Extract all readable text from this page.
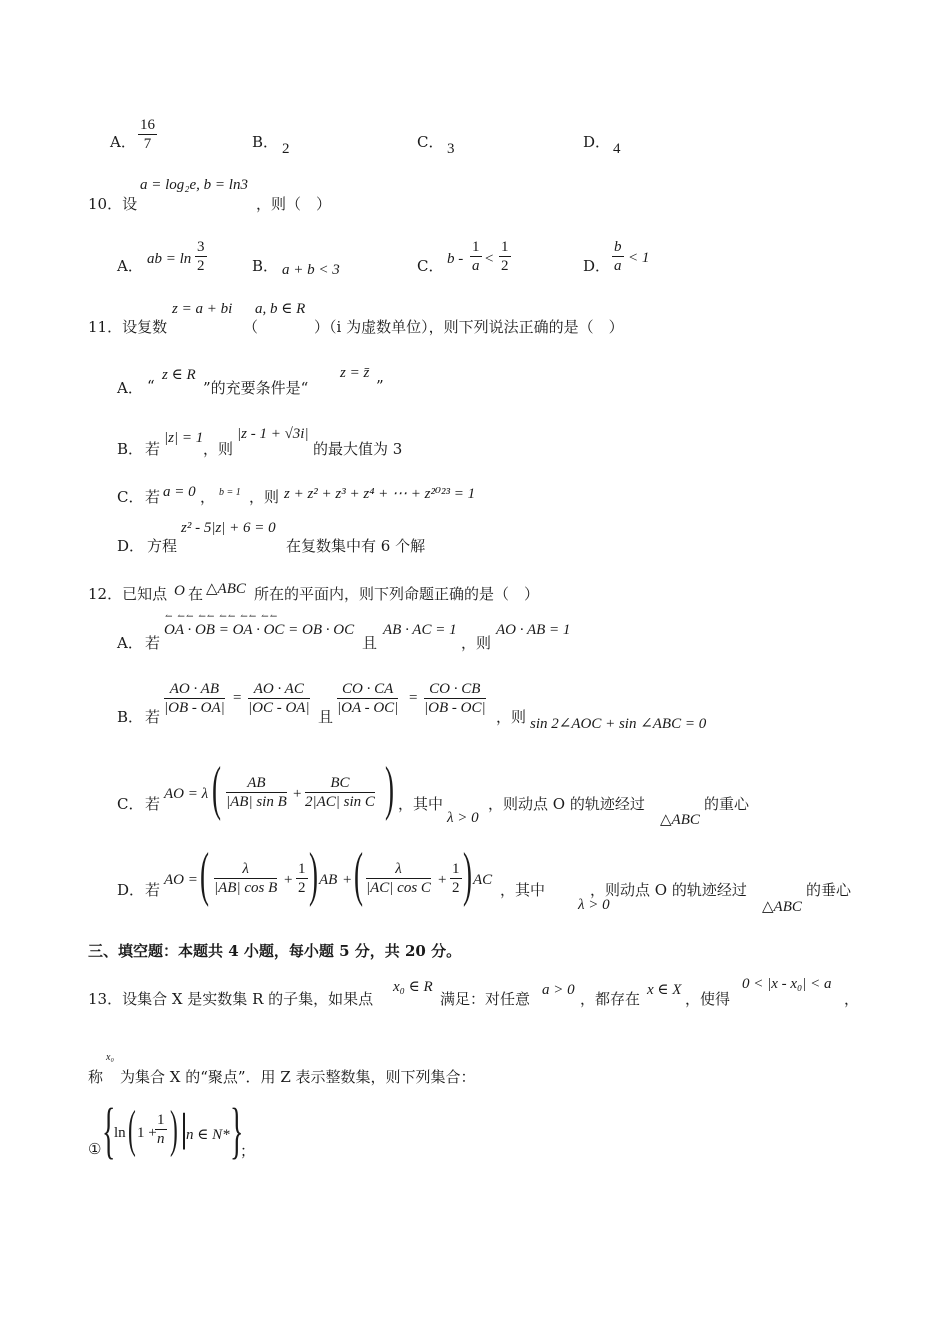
A． $\frac{16}{7}$	B． 2	C． 3	D． 4
10．设
a = log₂e, b = ln3
，则（　）
A． ab = $\ln \frac{3}{2}$	B． a + b < 3	C． $b - \frac{1}{a} < \frac{1}{2}$	D． $\frac{b}{a} < 1$
11．设复数
z = a + bi a, b ∈ R
（	）（i 为虚数单位），则下列说法正确的是（　）
A． “
z ∈ R
”的充要条件是“
z = z̄
”
B． 若
|z| = 1
，则
|z - 1 + √3i|
的最大值为 3
C． 若 a = 0 ， b = 1 ，则 z + z² + z³ + z⁴ + ⋯ + z²⁰²³ = 1
D． 方程
z² - 5|z| + 6 = 0
在复数集中有 6 个解
12．已知点 O 在 △ABC 所在的平面内，则下列命题正确的是（　）
A． 若
↼ ↼↼ ↼↼ ↼↼ ↼↼ ↼↼
OA · OB = OA · OC = OB · OC
且
AB · AC = 1
，则
AO · AB = 1
B． 若 $\frac{AO \cdot AB}{|OB - OA|} = \frac{AO \cdot AC}{|OC - OA|}$ 且 $\frac{CO \cdot CA}{|OA - OC|} = \frac{CO \cdot CB}{|OB - OC|}$ ，则 sin 2∠AOC + sin ∠ABC = 0
C． 若
AO = λ ( $\frac{AB}{\text{|AB| sin B}} + \frac{BC}{\text{2|AC| sin C}}$ ) ，其中
λ > 0
，则动点 O 的轨迹经过
△ABC
的重心
D． 若
AO = ( $\frac{\lambda}{\text{|AB| cos B}} + \frac{1}{2}$ ) AB + ( $\frac{\lambda}{\text{|AC| cos C}} + \frac{1}{2}$ ) AC
，其中
λ > 0
，则动点 O 的轨迹经过
△ABC
的垂心
三、填空题：本题共 4 小题，每小题 5 分，共 20 分。
13．设集合 X 是实数集 R 的子集，如果点
x₀ ∈ R
满足：对任意 a > 0 ，都存在 x ∈ X ，使得
0 < |x - x₀| < a
，
称
x₀
为集合 X 的“聚点”．用 Z 表示整数集，则下列集合：
① {
ln ( 1 +
$\frac{1}{n}$ ) |
n ∈ N* }
；
